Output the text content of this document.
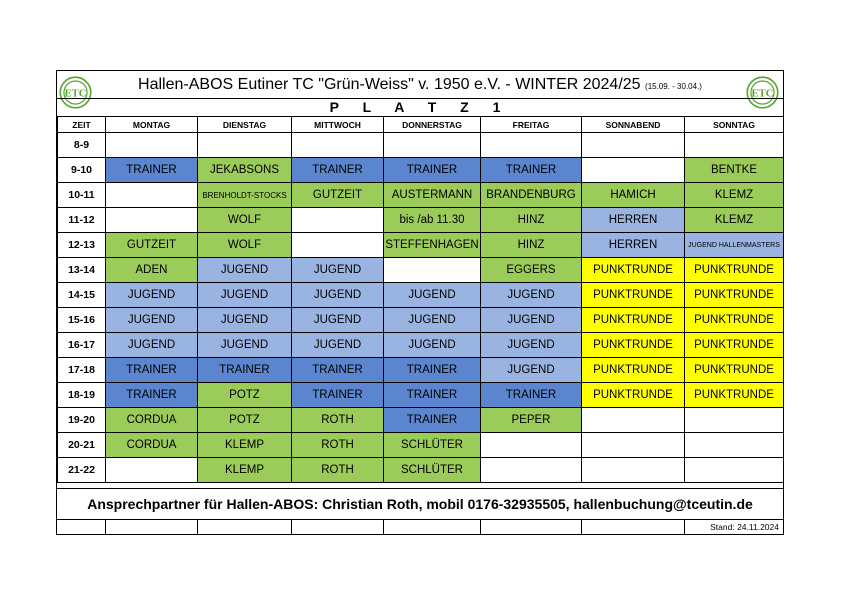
ETC
Hallen-ABOS Eutiner TC "Grün-Weiss" v. 1950 e.V. - WINTER 2024/25 (15.09. - 30.04.)
ETC
P L A T Z 1
ZEIT	MONTAG	DIENSTAG	MITTWOCH	DONNERSTAG	FREITAG	SONNABEND	SONNTAG
8-9							
9-10	TRAINER	JEKABSONS	TRAINER	TRAINER	TRAINER		BENTKE
10-11		BRENHOLDT-STOCKS	GUTZEIT	AUSTERMANN	BRANDENBURG	HAMICH	KLEMZ
11-12		WOLF		bis /ab 11.30	HINZ	HERREN	KLEMZ
12-13	GUTZEIT	WOLF		STEFFENHAGEN	HINZ	HERREN	JUGEND HALLENMASTERS
13-14	ADEN	JUGEND	JUGEND		EGGERS	PUNKTRUNDE	PUNKTRUNDE
14-15	JUGEND	JUGEND	JUGEND	JUGEND	JUGEND	PUNKTRUNDE	PUNKTRUNDE
15-16	JUGEND	JUGEND	JUGEND	JUGEND	JUGEND	PUNKTRUNDE	PUNKTRUNDE
16-17	JUGEND	JUGEND	JUGEND	JUGEND	JUGEND	PUNKTRUNDE	PUNKTRUNDE
17-18	TRAINER	TRAINER	TRAINER	TRAINER	JUGEND	PUNKTRUNDE	PUNKTRUNDE
18-19	TRAINER	POTZ	TRAINER	TRAINER	TRAINER	PUNKTRUNDE	PUNKTRUNDE
19-20	CORDUA	POTZ	ROTH	TRAINER	PEPER		
20-21	CORDUA	KLEMP	ROTH	SCHLÜTER			
21-22		KLEMP	ROTH	SCHLÜTER			
Ansprechpartner für Hallen-ABOS: Christian Roth, mobil 0176-32935505, hallenbuchung@tceutin.de
Stand: 24.11.2024
